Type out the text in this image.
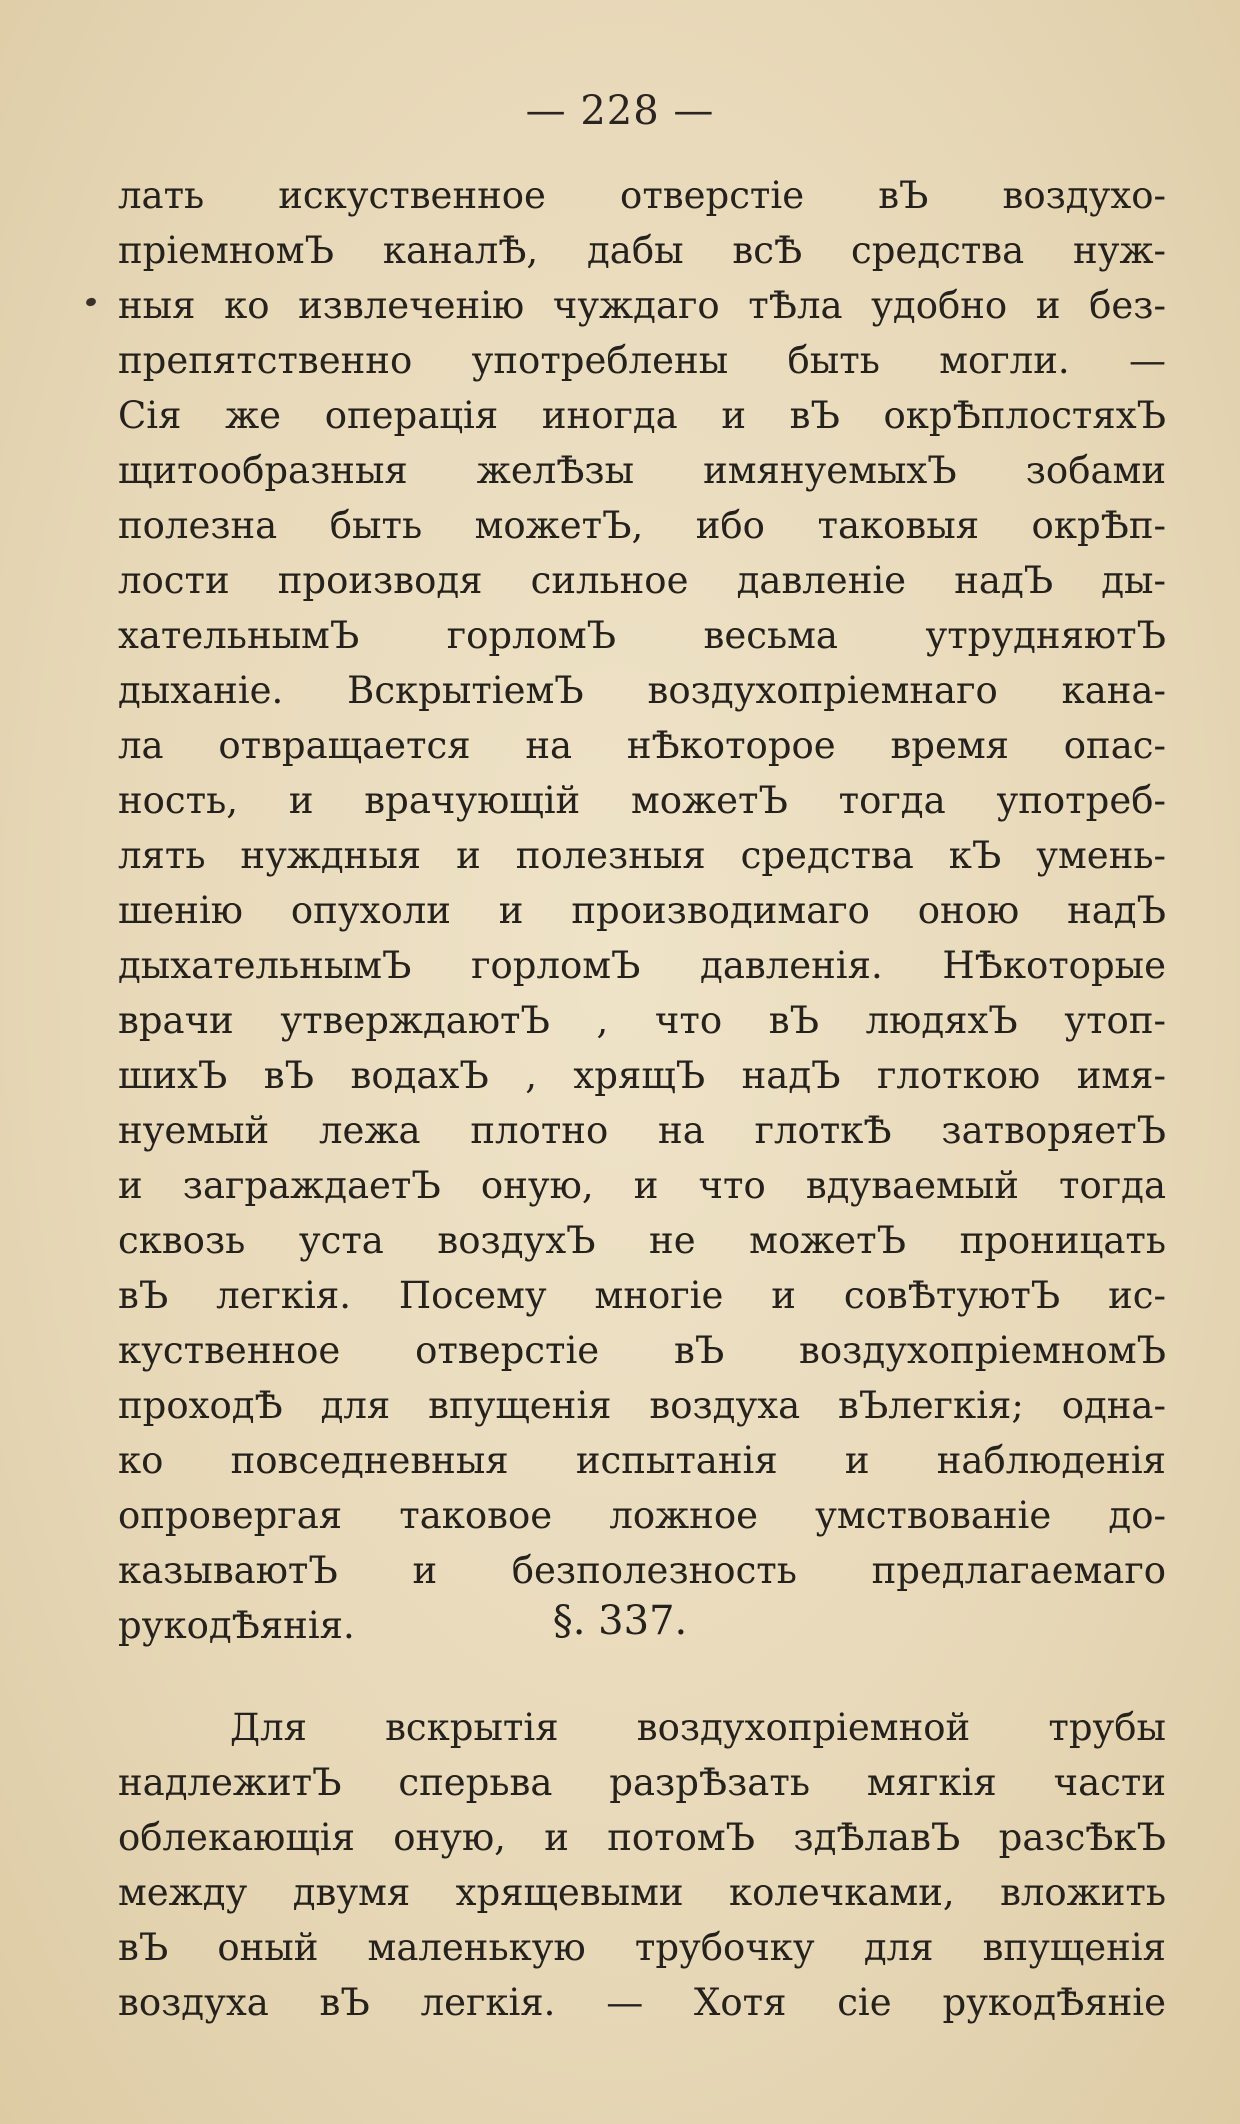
— 228 —
лать искуственное отверстіе вЪ воздухо-
пріемномЪ каналѢ, дабы всѢ средства нуж-
ныя ко извлеченію чуждаго тѢла удобно и без-
препятственно употреблены быть могли. —
Сія же операція иногда и вЪ окрѢплостяхЪ
щитообразныя желѢзы имянуемыхЪ зобами
полезна быть можетЪ, ибо таковыя окрѢп-
лости производя сильное давленіе надЪ ды-
хательнымЪ горломЪ весьма утрудняютЪ
дыханіе. ВскрытіемЪ воздухопріемнаго кана-
ла отвращается на нѢкоторое время опас-
ность, и врачующій можетЪ тогда употреб-
лять нуждныя и полезныя средства кЪ умень-
шенію опухоли и производимаго оною надЪ
дыхательнымЪ горломЪ давленія. НѢкоторые
врачи утверждаютЪ , что вЪ людяхЪ утоп-
шихЪ вЪ водахЪ , хрящЪ надЪ глоткою имя-
нуемый лежа плотно на глоткѢ затворяетЪ
и заграждаетЪ оную, и что вдуваемый тогда
сквозь уста воздухЪ не можетЪ проницать
вЪ легкія. Посему многіе и совѢтуютЪ ис-
куственное отверстіе вЪ воздухопріемномЪ
проходѢ для впущенія воздуха вЪлегкія; одна-
ко повседневныя испытанія и наблюденія
опровергая таковое ложное умствованіе до-
казываютЪ и безполезность предлагаемаго
рукодѢянія.	§. 337.
Для вскрытія воздухопріемной трубы
надлежитЪ сперьва разрѢзать мягкія части
облекающія оную, и потомЪ здѢлавЪ разсѢкЪ
между двумя хрящевыми колечками, вложить
вЪ оный маленькую трубочку для впущенія
воздуха вЪ легкія. — Хотя сіе рукодѢяніе
